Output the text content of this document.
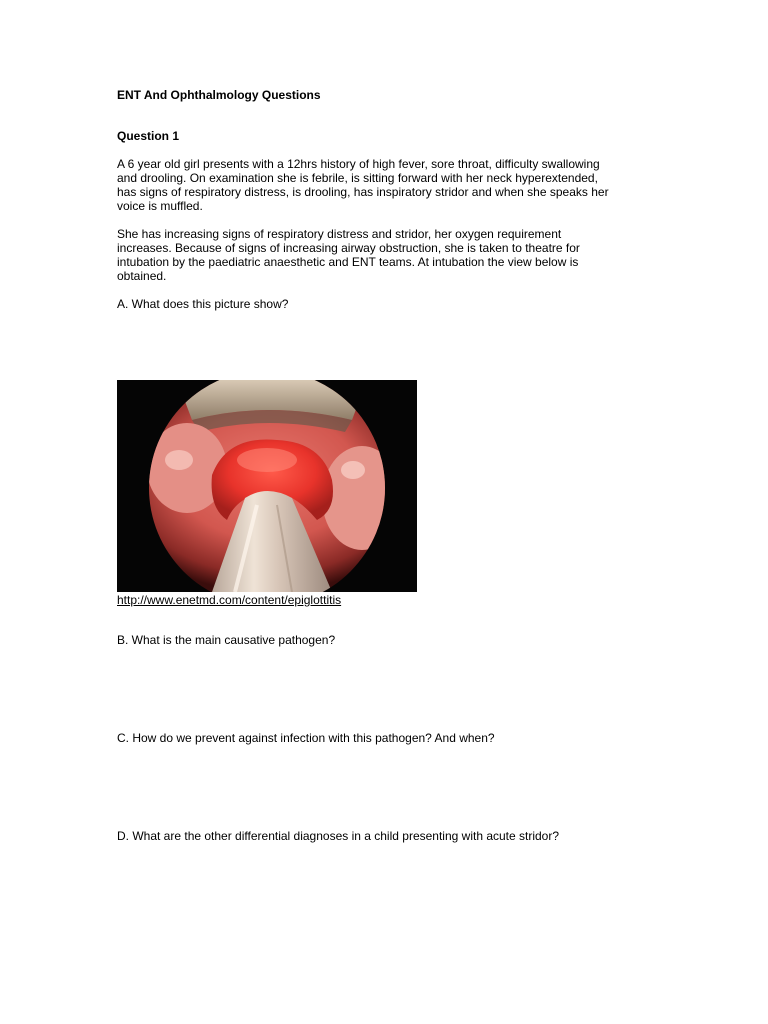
ENT And Ophthalmology Questions
Question 1
A 6 year old girl presents with a 12hrs history of high fever, sore throat, difficulty swallowing
and drooling. On examination she is febrile, is sitting forward with her neck hyperextended,
has signs of respiratory distress, is drooling, has inspiratory stridor and when she speaks her
voice is muffled.
She has increasing signs of respiratory distress and stridor, her oxygen requirement
increases. Because of signs of increasing airway obstruction, she is taken to theatre for
intubation by the paediatric anaesthetic and ENT teams. At intubation the view below is
obtained.
A. What does this picture show?
http://www.enetmd.com/content/epiglottitis
B. What is the main causative pathogen?
C. How do we prevent against infection with this pathogen? And when?
D. What are the other differential diagnoses in a child presenting with acute stridor?
